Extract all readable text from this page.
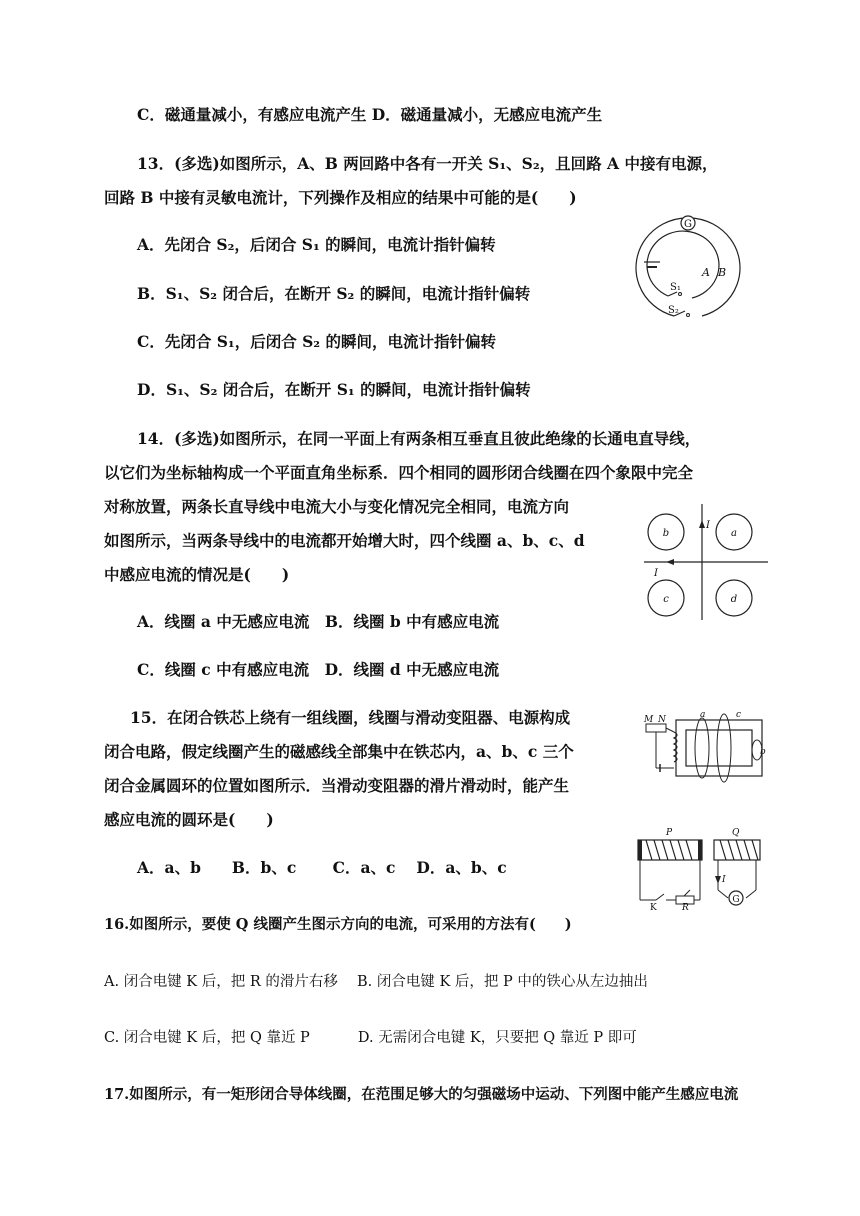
C．磁通量减小，有感应电流产生 D．磁通量减小，无感应电流产生
13．(多选)如图所示，A、B 两回路中各有一开关 S₁、S₂，且回路 A 中接有电源，
回路 B 中接有灵敏电流计，下列操作及相应的结果中可能的是(　　)
A．先闭合 S₂，后闭合 S₁ 的瞬间，电流计指针偏转
B．S₁、S₂ 闭合后，在断开 S₂ 的瞬间，电流计指针偏转
C．先闭合 S₁，后闭合 S₂ 的瞬间，电流计指针偏转
D．S₁、S₂ 闭合后，在断开 S₁ 的瞬间，电流计指针偏转
14．(多选)如图所示，在同一平面上有两条相互垂直且彼此绝缘的长通电直导线，
以它们为坐标轴构成一个平面直角坐标系．四个相同的圆形闭合线圈在四个象限中完全
对称放置，两条长直导线中电流大小与变化情况完全相同，电流方向
如图所示，当两条导线中的电流都开始增大时，四个线圈 a、b、c、d
中感应电流的情况是(　　)
A．线圈 a 中无感应电流　B．线圈 b 中有感应电流
C．线圈 c 中有感应电流　D．线圈 d 中无感应电流
15．在闭合铁芯上绕有一组线圈，线圈与滑动变阻器、电源构成
闭合电路，假定线圈产生的磁感线全部集中在铁芯内，a、b、c 三个
闭合金属圆环的位置如图所示．当滑动变阻器的滑片滑动时，能产生
感应电流的圆环是(　　)
A．a、b　　B．b、c　　 C．a、c　 D．a、b、c
16.如图所示，要使 Q 线圈产生图示方向的电流，可采用的方法有(　　)
A. 闭合电键 K 后，把 R 的滑片右移　 B. 闭合电键 K 后，把 P 中的铁心从左边抽出
C. 闭合电键 K 后，把 Q 靠近 P　　　 D. 无需闭合电键 K，只要把 Q 靠近 P 即可
17.如图所示，有一矩形闭合导体线圈，在范围足够大的匀强磁场中运动、下列图中能产生感应电流
G
A B
S₁
S₂
b	a
c	d
I
I
M N	a	c
b
G
P	Q
K	R
I
